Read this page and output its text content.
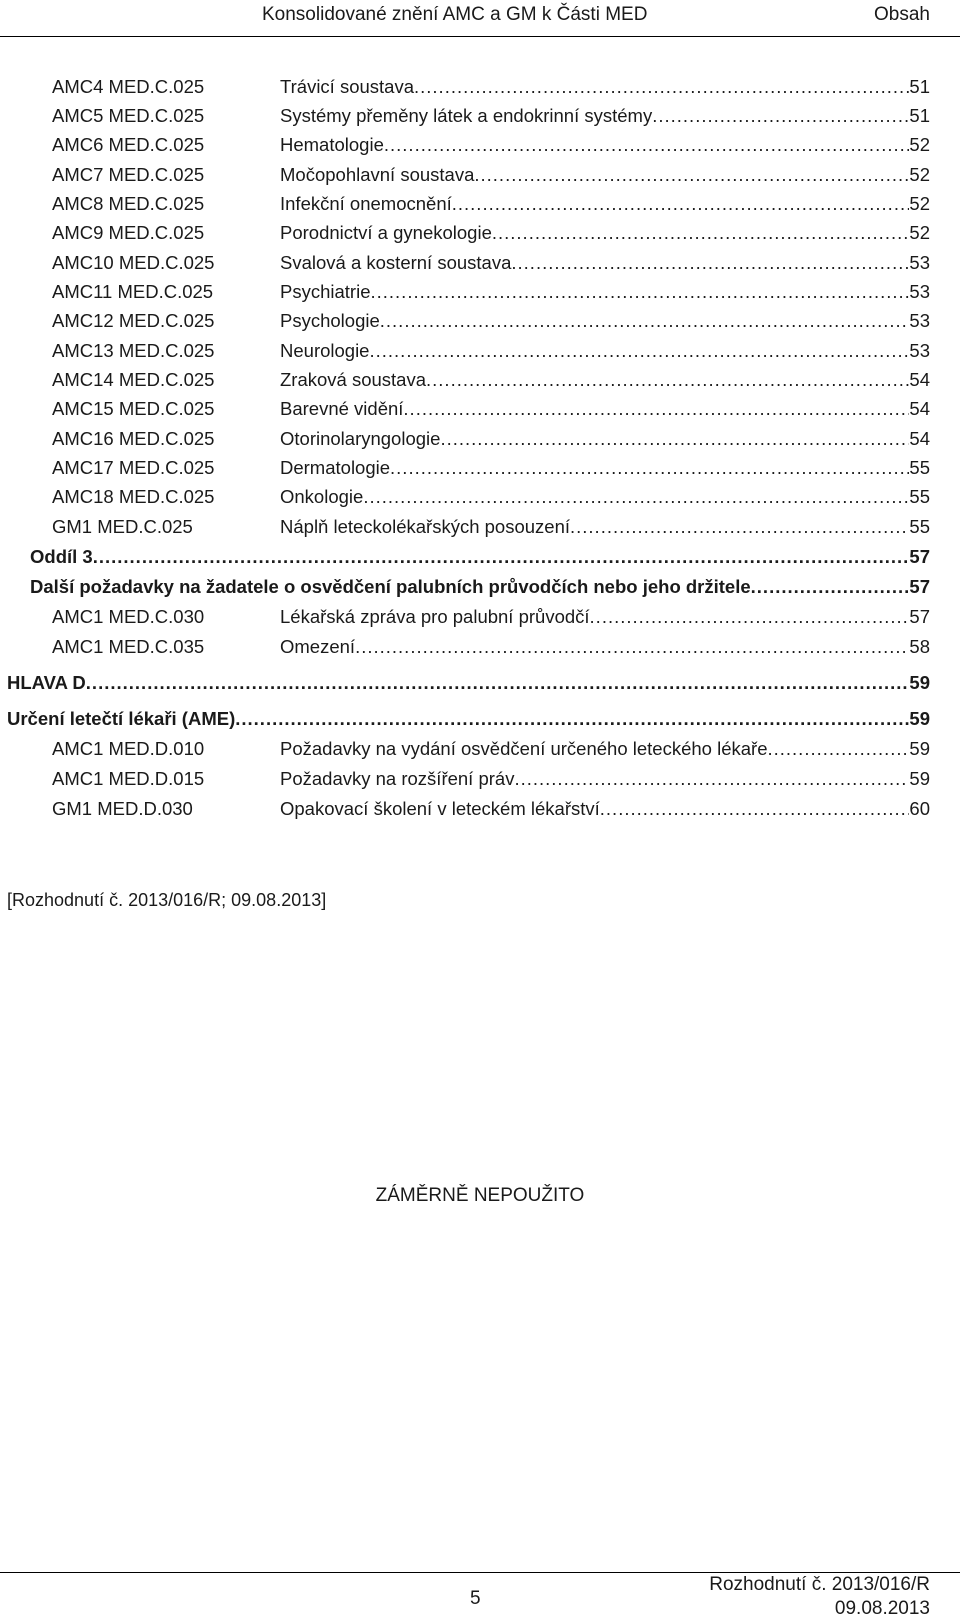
Konsolidované znění AMC a GM k Části MED	Obsah
AMC4 MED.C.025	Trávicí soustava .....	51
AMC5 MED.C.025	Systémy přeměny látek a endokrinní systémy .....	51
AMC6 MED.C.025	Hematologie .....	52
AMC7 MED.C.025	Močopohlavní soustava .....	52
AMC8 MED.C.025	Infekční onemocnění .....	52
AMC9 MED.C.025	Porodnictví a gynekologie .....	52
AMC10 MED.C.025	Svalová a kosterní soustava .....	53
AMC11 MED.C.025	Psychiatrie .....	53
AMC12 MED.C.025	Psychologie .....	53
AMC13 MED.C.025	Neurologie .....	53
AMC14 MED.C.025	Zraková soustava .....	54
AMC15 MED.C.025	Barevné vidění .....	54
AMC16 MED.C.025	Otorinolaryngologie .....	54
AMC17 MED.C.025	Dermatologie .....	55
AMC18 MED.C.025	Onkologie .....	55
GM1 MED.C.025	Náplň leteckolékařských posouzení .....	55
Oddíl 3 .....	57
Další požadavky na žadatele o osvědčení palubních průvodčích nebo jeho držitele .....	57
AMC1 MED.C.030	Lékařská zpráva pro palubní průvodčí .....	57
AMC1 MED.C.035	Omezení .....	58
HLAVA D .....	59
Určení letečtí lékaři (AME) .....	59
AMC1 MED.D.010	Požadavky na vydání osvědčení určeného leteckého lékaře .....	59
AMC1 MED.D.015	Požadavky na rozšíření práv .....	59
GM1 MED.D.030	Opakovací školení v leteckém lékařství .....	60
[Rozhodnutí č. 2013/016/R; 09.08.2013]
ZÁMĚRNĚ NEPOUŽITO
5
Rozhodnutí č. 2013/016/R
09.08.2013
